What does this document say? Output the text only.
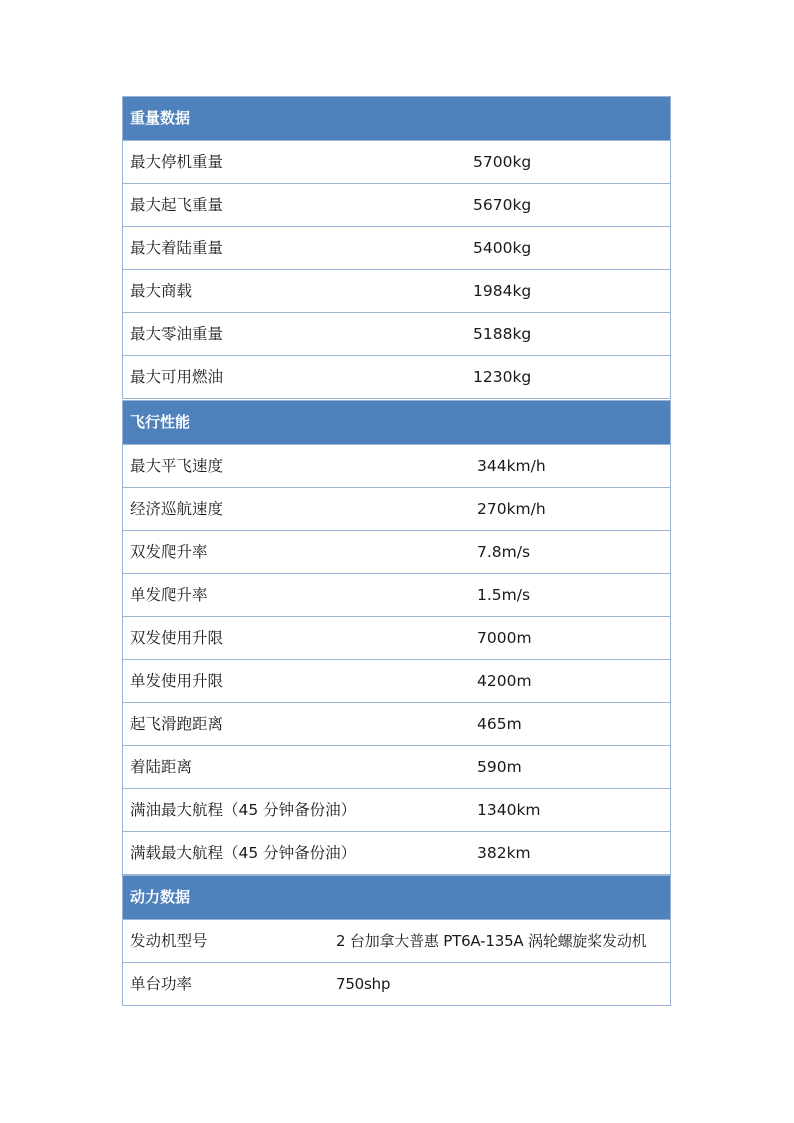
重量数据
最大停机重量	5700kg
最大起飞重量	5670kg
最大着陆重量	5400kg
最大商载	1984kg
最大零油重量	5188kg
最大可用燃油	1230kg
飞行性能
最大平飞速度	344km/h
经济巡航速度	270km/h
双发爬升率	7.8m/s
单发爬升率	1.5m/s
双发使用升限	7000m
单发使用升限	4200m
起飞滑跑距离	465m
着陆距离	590m
满油最大航程（45 分钟备份油）	1340km
满载最大航程（45 分钟备份油）	382km
动力数据
发动机型号	2 台加拿大普惠 PT6A-135A 涡轮螺旋桨发动机
单台功率	750shp
